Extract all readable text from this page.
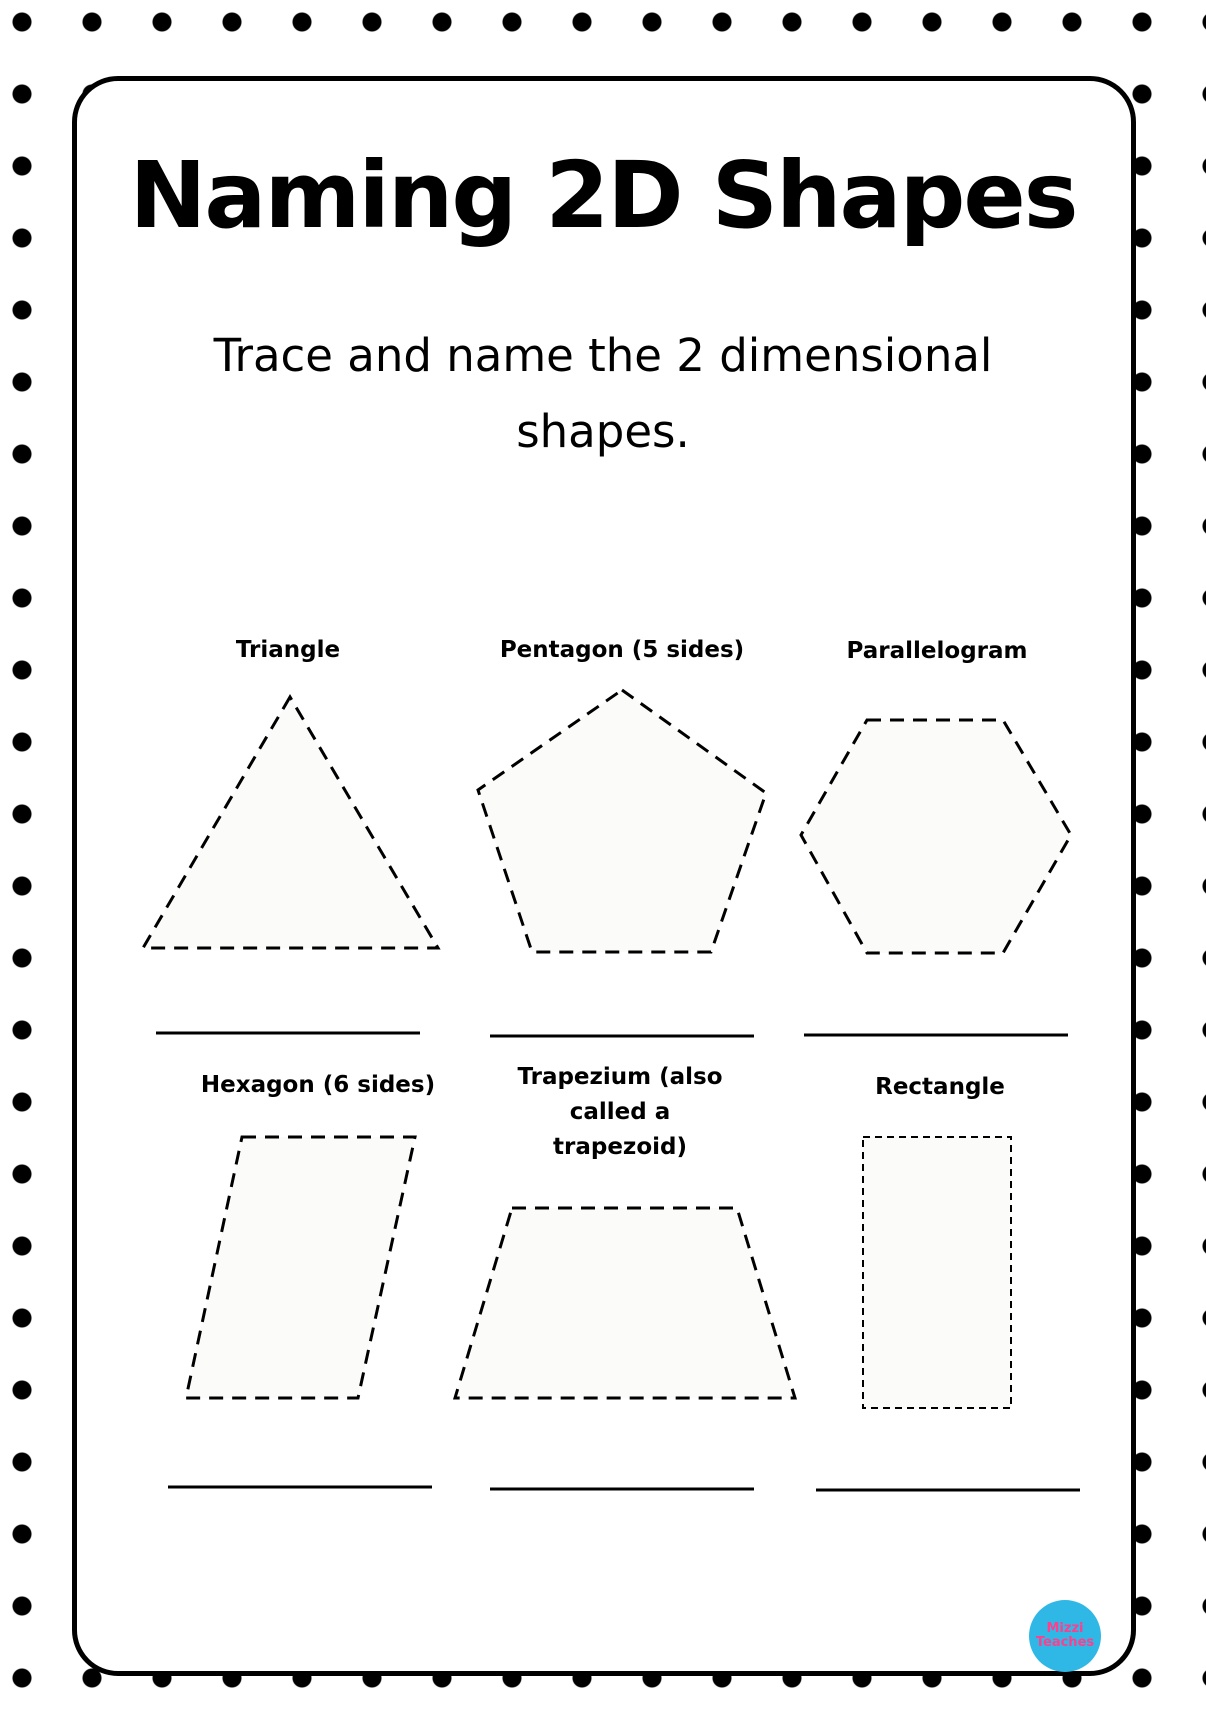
Naming 2D Shapes

Trace and name the 2 dimensional shapes.

Triangle	Pentagon (5 sides)	Parallelogram
Hexagon (6 sides)	Trapezium (also called a trapezoid)
Rectangle
Mizzi Teaches
